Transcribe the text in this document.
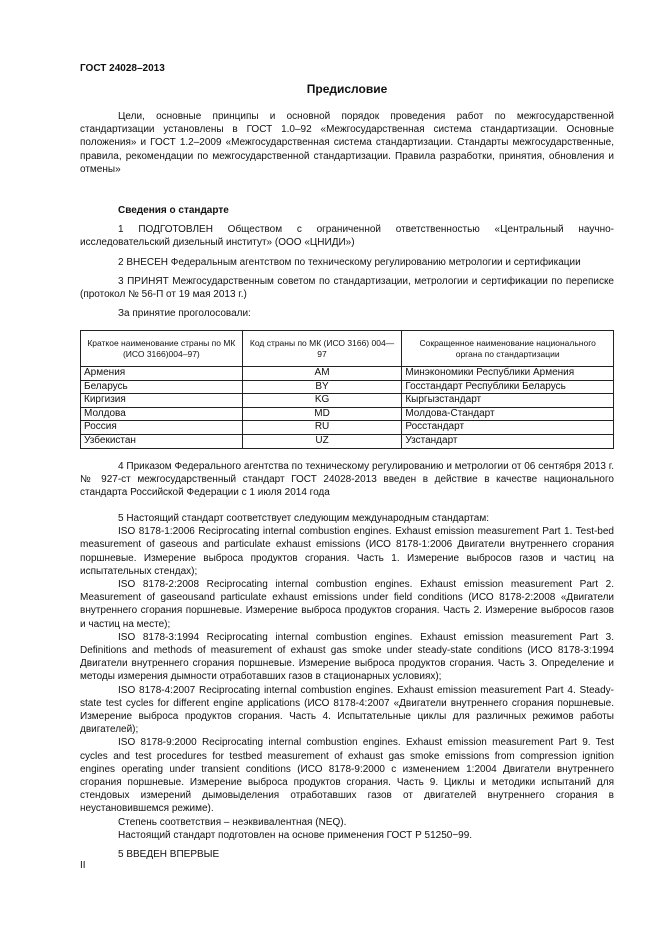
ГОСТ 24028–2013

Предисловие

Цели, основные принципы и основной порядок проведения работ по межгосударственной стандартизации установлены в ГОСТ 1.0–92 «Межгосударственная система стандартизации. Основные положения» и ГОСТ 1.2–2009 «Межгосударственная система стандартизации. Стандарты межгосударственные, правила, рекомендации по межгосударственной стандартизации. Правила разработки, принятия, обновления и отмены»

Сведения о стандарте

1 ПОДГОТОВЛЕН Обществом с ограниченной ответственностью «Центральный научно-исследовательский дизельный институт» (ООО «ЦНИДИ»)

2 ВНЕСЕН Федеральным агентством по техническому регулированию метрологии и сертификации

3 ПРИНЯТ Межгосударственным советом по стандартизации, метрологии и сертификации по переписке (протокол № 56-П от 19 мая 2013 г.)

За принятие проголосовали:

Краткое наименование страны по МК (ИСО 3166)004–97)	Код страны по МК (ИСО 3166) 004—97	Сокращенное наименование национального органа по стандартизации
Армения	AM	Минэкономики Республики Армения
Беларусь	BY	Госстандарт Республики Беларусь
Киргизия	KG	Кыргызстандарт
Молдова	MD	Молдова-Стандарт
Россия	RU	Росстандарт
Узбекистан	UZ	Узстандарт

4 Приказом Федерального агентства по техническому регулированию и метрологии от 06 сентября 2013 г. № 927-ст межгосударственный стандарт ГОСТ 24028-2013 введен в действие в качестве национального стандарта Российской Федерации с 1 июля 2014 года

5 Настоящий стандарт соответствует следующим международным стандартам:

ISO 8178-1:2006 Reciprocating internal combustion engines. Exhaust emission measurement Part 1. Test-bed measurement of gaseous and particulate exhaust emissions (ИСО 8178-1:2006 Двигатели внутреннего сгорания поршневые. Измерение выброса продуктов сгорания. Часть 1. Измерение выбросов газов и частиц на испытательных стендах);

ISO 8178-2:2008 Reciprocating internal combustion engines. Exhaust emission measurement Part 2. Measurement of gaseousand particulate exhaust emissions under field conditions (ИСО 8178-2:2008 «Двигатели внутреннего сгорания поршневые. Измерение выброса продуктов сгорания. Часть 2. Измерение выбросов газов и частиц на месте);

ISO 8178-3:1994 Reciprocating internal combustion engines. Exhaust emission measurement Part 3. Definitions and methods of measurement of exhaust gas smoke under steady-state conditions (ИСО 8178-3:1994 Двигатели внутреннего сгорания поршневые. Измерение выброса продуктов сгорания. Часть 3. Определение и методы измерения дымности отработавших газов в стационарных условиях);

ISO 8178-4:2007 Reciprocating internal combustion engines. Exhaust emission measurement Part 4. Steady-state test cycles for different engine applications (ИСО 8178-4:2007 «Двигатели внутреннего сгорания поршневые. Измерение выброса продуктов сгорания. Часть 4. Испытательные циклы для различных режимов работы двигателей);

ISO 8178-9:2000 Reciprocating internal combustion engines. Exhaust emission measurement Part 9. Test cycles and test procedures for testbed measurement of exhaust gas smoke emissions from compression ignition engines operating under transient conditions (ИСО 8178-9:2000 с изменением 1:2004 Двигатели внутреннего сгорания поршневые. Измерение выброса продуктов сгорания. Часть 9. Циклы и методики испытаний для стендовых измерений дымовыделения отработавших газов от двигателей внутреннего сгорания в неустановившемся режиме).

Степень соответствия – неэквивалентная (NEQ).

Настоящий стандарт подготовлен на основе применения ГОСТ Р 51250−99.

5 ВВЕДЕН ВПЕРВЫЕ

II
